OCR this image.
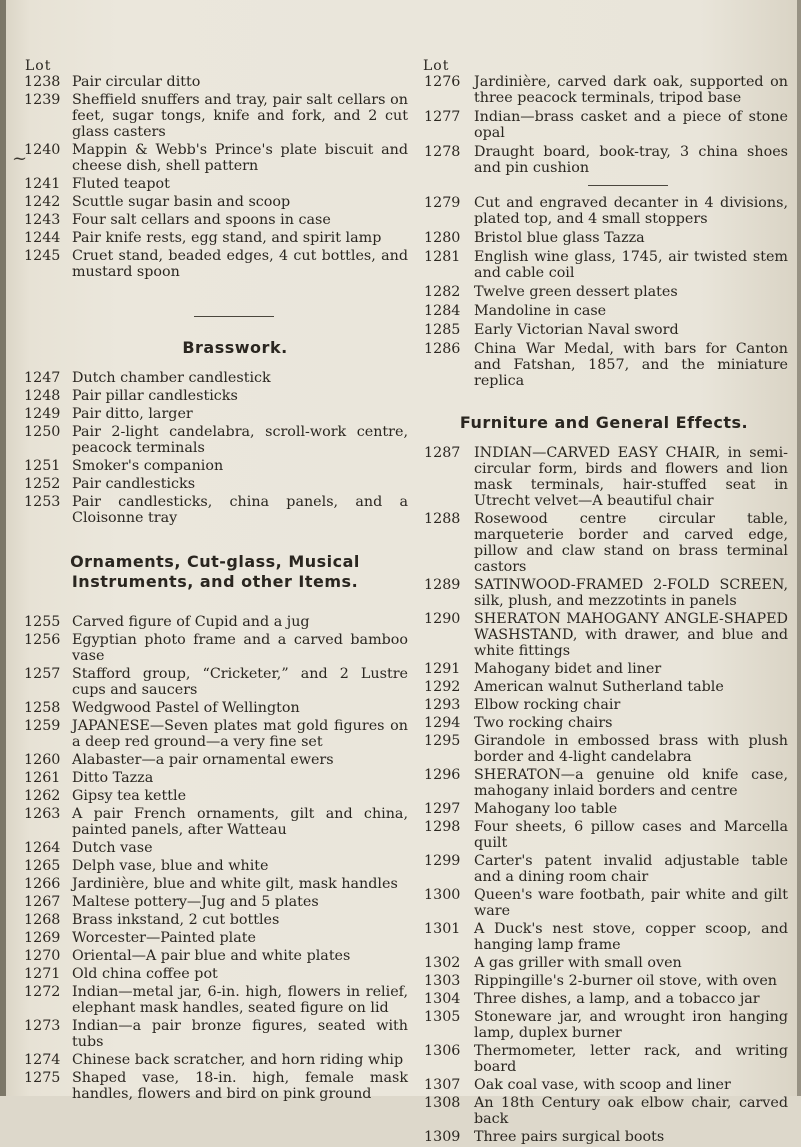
~
Lot
1238 Pair circular ditto
1239 Sheffield snuffers and tray, pair salt cellars on feet, sugar tongs, knife and fork, and 2 cut glass casters
1240 Mappin & Webb's Prince's plate biscuit and cheese dish, shell pattern
1241 Fluted teapot
1242 Scuttle sugar basin and scoop
1243 Four salt cellars and spoons in case
1244 Pair knife rests, egg stand, and spirit lamp
1245 Cruet stand, beaded edges, 4 cut bottles, and mustard spoon
Brasswork.
1247 Dutch chamber candlestick
1248 Pair pillar candlesticks
1249 Pair ditto, larger
1250 Pair 2-light candelabra, scroll-work centre, peacock terminals
1251 Smoker's companion
1252 Pair candlesticks
1253 Pair candlesticks, china panels, and a Cloisonne tray
Ornaments, Cut-glass, Musical Instruments, and other Items.
1255 Carved figure of Cupid and a jug
1256 Egyptian photo frame and a carved bamboo vase
1257 Stafford group, “Cricketer,” and 2 Lustre cups and saucers
1258 Wedgwood Pastel of Wellington
1259 JAPANESE—Seven plates mat gold figures on a deep red ground—a very fine set
1260 Alabaster—a pair ornamental ewers
1261 Ditto Tazza
1262 Gipsy tea kettle
1263 A pair French ornaments, gilt and china, painted panels, after Watteau
1264 Dutch vase
1265 Delph vase, blue and white
1266 Jardinière, blue and white gilt, mask handles
1267 Maltese pottery—Jug and 5 plates
1268 Brass inkstand, 2 cut bottles
1269 Worcester—Painted plate
1270 Oriental—A pair blue and white plates
1271 Old china coffee pot
1272 Indian—metal jar, 6-in. high, flowers in relief, elephant mask handles, seated figure on lid
1273 Indian—a pair bronze figures, seated with tubs
1274 Chinese back scratcher, and horn riding whip
1275 Shaped vase, 18-in. high, female mask handles, flowers and bird on pink ground
Lot
1276 Jardinière, carved dark oak, supported on three peacock terminals, tripod base
1277 Indian—brass casket and a piece of stone opal
1278 Draught board, book-tray, 3 china shoes and pin cushion
1279 Cut and engraved decanter in 4 divisions, plated top, and 4 small stoppers
1280 Bristol blue glass Tazza
1281 English wine glass, 1745, air twisted stem and cable coil
1282 Twelve green dessert plates
1284 Mandoline in case
1285 Early Victorian Naval sword
1286 China War Medal, with bars for Canton and Fatshan, 1857, and the miniature replica
Furniture and General Effects.
1287 INDIAN—CARVED EASY CHAIR, in semi-circular form, birds and flowers and lion mask terminals, hair-stuffed seat in Utrecht velvet—A beautiful chair
1288 Rosewood centre circular table, marqueterie border and carved edge, pillow and claw stand on brass terminal castors
1289 SATINWOOD-FRAMED 2-FOLD SCREEN, silk, plush, and mezzotints in panels
1290 SHERATON MAHOGANY ANGLE-SHAPED WASHSTAND, with drawer, and blue and white fittings
1291 Mahogany bidet and liner
1292 American walnut Sutherland table
1293 Elbow rocking chair
1294 Two rocking chairs
1295 Girandole in embossed brass with plush border and 4-light candelabra
1296 SHERATON—a genuine old knife case, mahogany inlaid borders and centre
1297 Mahogany loo table
1298 Four sheets, 6 pillow cases and Marcella quilt
1299 Carter's patent invalid adjustable table and a dining room chair
1300 Queen's ware footbath, pair white and gilt ware
1301 A Duck's nest stove, copper scoop, and hanging lamp frame
1302 A gas griller with small oven
1303 Rippingille's 2-burner oil stove, with oven
1304 Three dishes, a lamp, and a tobacco jar
1305 Stoneware jar, and wrought iron hanging lamp, duplex burner
1306 Thermometer, letter rack, and writing board
1307 Oak coal vase, with scoop and liner
1308 An 18th Century oak elbow chair, carved back
1309 Three pairs surgical boots
